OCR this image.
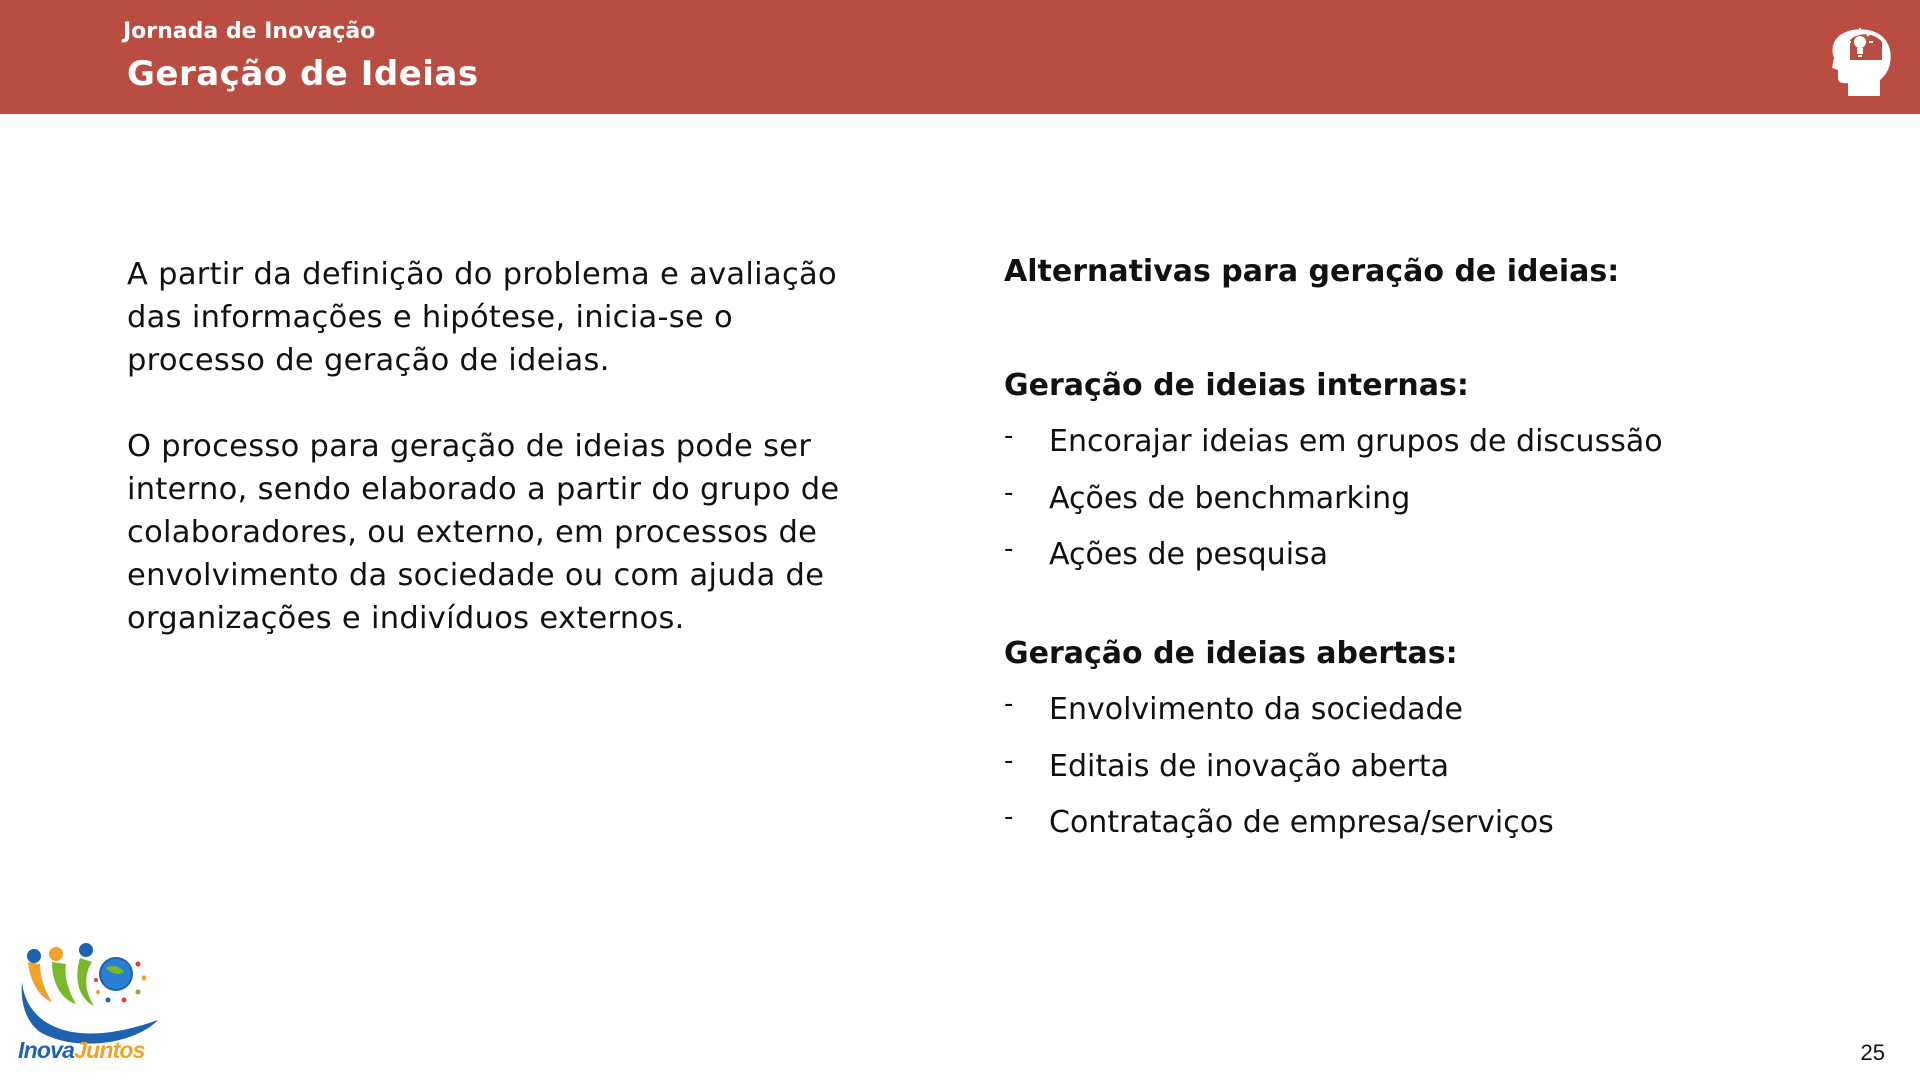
Jornada de Inovação
Geração de Ideias

A partir da definição do problema e avaliação das informações e hipótese, inicia-se o processo de geração de ideias.

O processo para geração de ideias pode ser interno, sendo elaborado a partir do grupo de colaboradores, ou externo, em processos de envolvimento da sociedade ou com ajuda de organizações e indivíduos externos.

Alternativas para geração de ideias:
Geração de ideias internas:
- Encorajar ideias em grupos de discussão
- Ações de benchmarking
- Ações de pesquisa
Geração de ideias abertas:
- Envolvimento da sociedade
- Editais de inovação aberta
- Contratação de empresa/serviços
InovaJuntos	25
